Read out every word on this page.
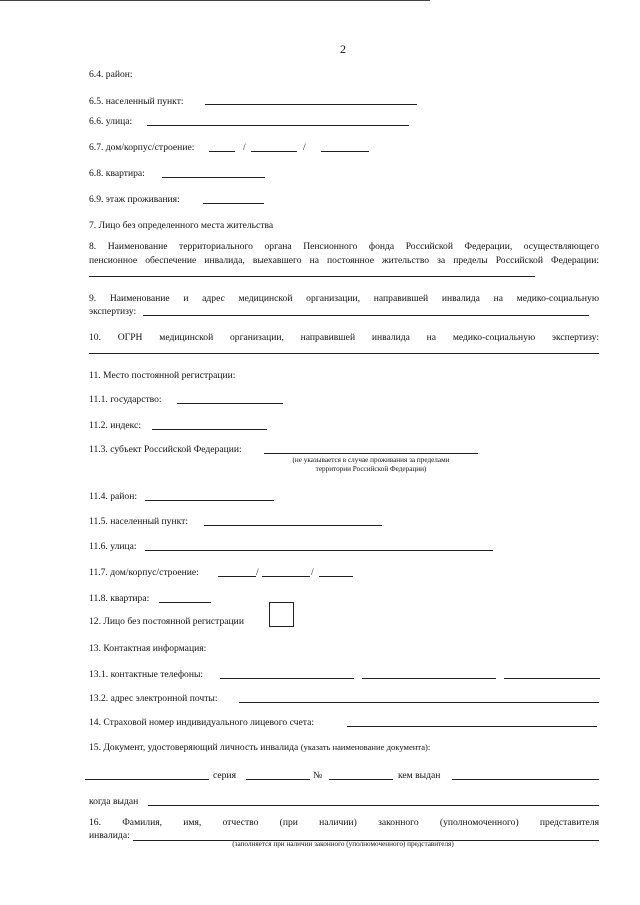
2
6.4. район:
6.5. населенный пункт:
6.6. улица:
6.7. дом/корпус/строение:	/	/
6.8. квартира:
6.9. этаж проживания:
7. Лицо без определенного места жительства
8. Наименование территориального органа Пенсионного фонда Российской Федерации, осуществляющего
пенсионное обеспечение инвалида, выехавшего на постоянное жительство за пределы Российской Федерации:
9. Наименование и адрес медицинской организации, направившей инвалида на медико-социальную
экспертизу:
10. ОГРН медицинской организации, направившей инвалида на медико-социальную экспертизу:
11. Место постоянной регистрации:
11.1. государство:
11.2. индекс:
11.3. субъект Российской Федерации:
(не указывается в случае проживания за пределами
территории Российской Федерации)
11.4. район:
11.5. населенный пункт:
11.6. улица:
11.7. дом/корпус/строение:	/	/
11.8. квартира:
12. Лицо без постоянной регистрации
13. Контактная информация:
13.1. контактные телефоны:
13.2. адрес электронной почты:
14. Страховой номер индивидуального лицевого счета:
15. Документ, удостоверяющий личность инвалида (указать наименование документа):
серия	№	кем выдан
когда выдан
16. Фамилия, имя, отчество (при наличии) законного (уполномоченного) представителя
инвалида:
(заполняется при наличии законного (уполномоченного) представителя)
